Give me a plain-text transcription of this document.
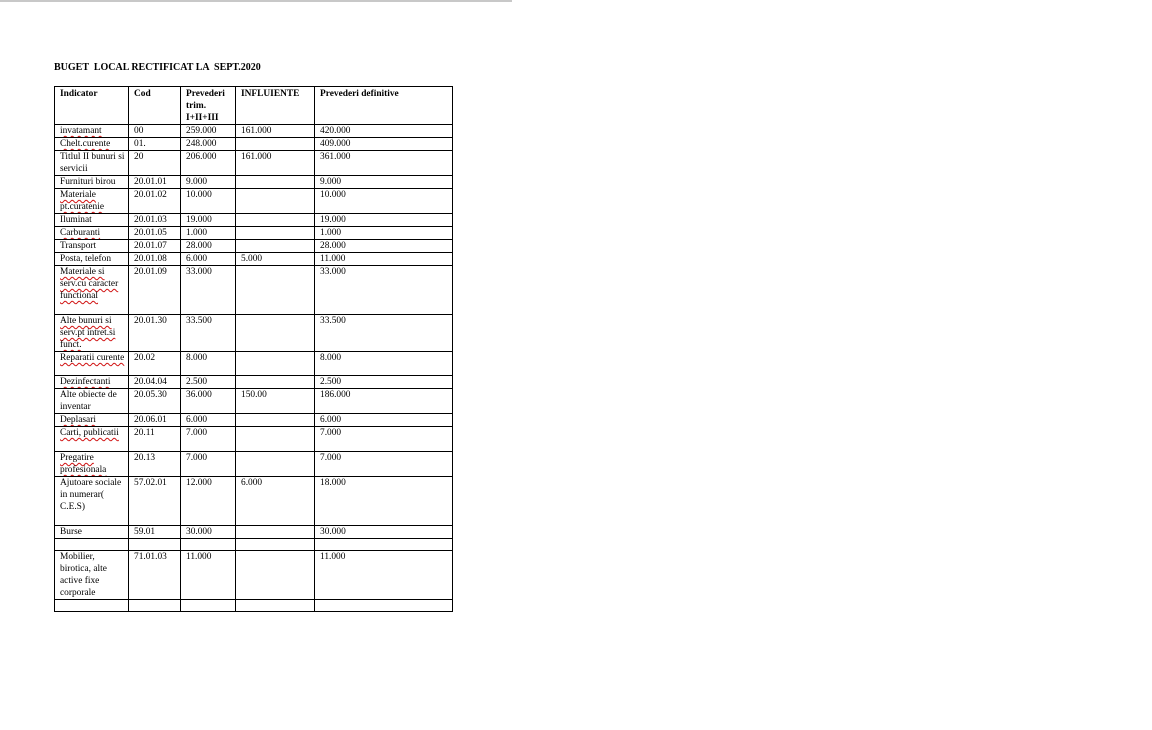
BUGET  LOCAL RECTIFICAT LA  SEPT.2020
Indicator	Cod	Prevederi trim. I+II+III	INFLUIENTE	Prevederi definitive
invatamant	00	259.000	161.000	420.000
Chelt.curente	01.	248.000		409.000
Titlul II bunuri si servicii	20	206.000	161.000	361.000
Furnituri birou	20.01.01	9.000		9.000
Materiale pt.curatenie	20.01.02	10.000		10.000
Iluminat	20.01.03	19.000		19.000
Carburanti	20.01.05	1.000		1.000
Transport	20.01.07	28.000		28.000
Posta, telefon	20.01.08	6.000	5.000	11.000
Materiale si serv.cu caracter functional	20.01.09	33.000		33.000
Alte bunuri si serv.pt intret.si funct.	20.01.30	33.500		33.500
Reparatii curente	20.02	8.000		8.000
Dezinfectanti	20.04.04	2.500		2.500
Alte obiecte de inventar	20.05.30	36.000	150.00	186.000
Deplasari	20.06.01	6.000		6.000
Carti, publicatii	20.11	7.000		7.000
Pregatire profesionala	20.13	7.000		7.000
Ajutoare sociale in numerar( C.E.S)	57.02.01	12.000	6.000	18.000
Burse	59.01	30.000		30.000

Mobilier, birotica, alte active fixe corporale	71.01.03	11.000		11.000
